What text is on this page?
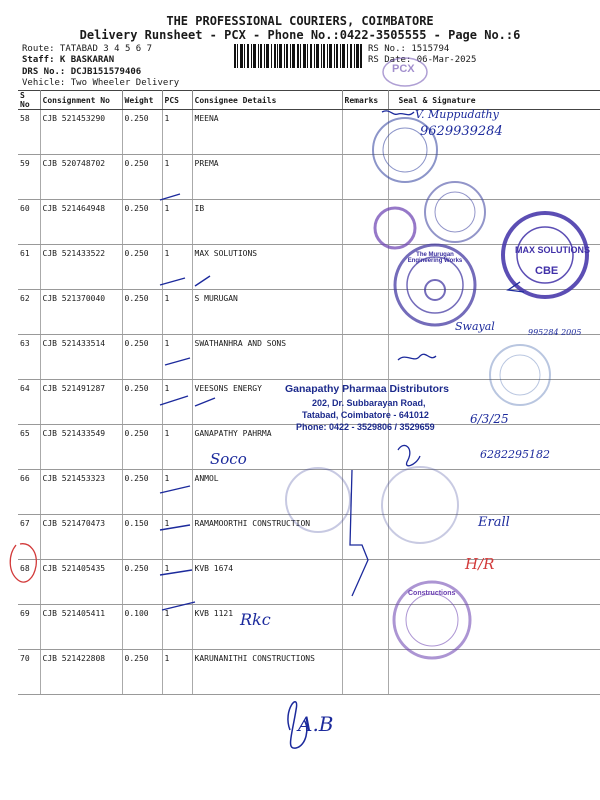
THE PROFESSIONAL COURIERS, COIMBATORE
Delivery Runsheet - PCX - Phone No.:0422-3505555 - Page No.:6
Route: TATABAD 3 4 5 6 7
Staff: K BASKARAN
DRS No.: DCJB151579406
Vehicle: Two Wheeler Delivery
RS No.: 1515794
RS Date: 06-Mar-2025
S No	Consignment No	Weight	PCS	Consignee Details	Remarks	Seal & Signature
58	CJB 521453290	0.250	1	MEENA		
59	CJB 520748702	0.250	1	PREMA		
60	CJB 521464948	0.250	1	IB		
61	CJB 521433522	0.250	1	MAX SOLUTIONS		
62	CJB 521370040	0.250	1	S MURUGAN		
63	CJB 521433514	0.250	1	SWATHANHRA AND SONS		
64	CJB 521491287	0.250	1	VEESONS ENERGY		
65	CJB 521433549	0.250	1	GANAPATHY PAHRMA		
66	CJB 521453323	0.250	1	ANMOL		
67	CJB 521470473	0.150	1	RAMAMOORTHI CONSTRUCTION		
68	CJB 521405435	0.250	1	KVB 1674		
69	CJB 521405411	0.100	1	KVB 1121		
70	CJB 521422808	0.250	1	KARUNANITHI CONSTRUCTIONS		
PCX
MAX SOLUTIONS
CBE
The Murugan Engineering Works
Constructions
Ganapathy Pharmaa Distributors
202, Dr. Subbarayan Road,
Tatabad, Coimbatore - 641012
Phone: 0422 - 3529806 / 3529659
V. Muppudathy
9629939284
Swayal	995284 2005
6/3/25
Soco	6282295182
Erall
H/R
Rkc
A.B
